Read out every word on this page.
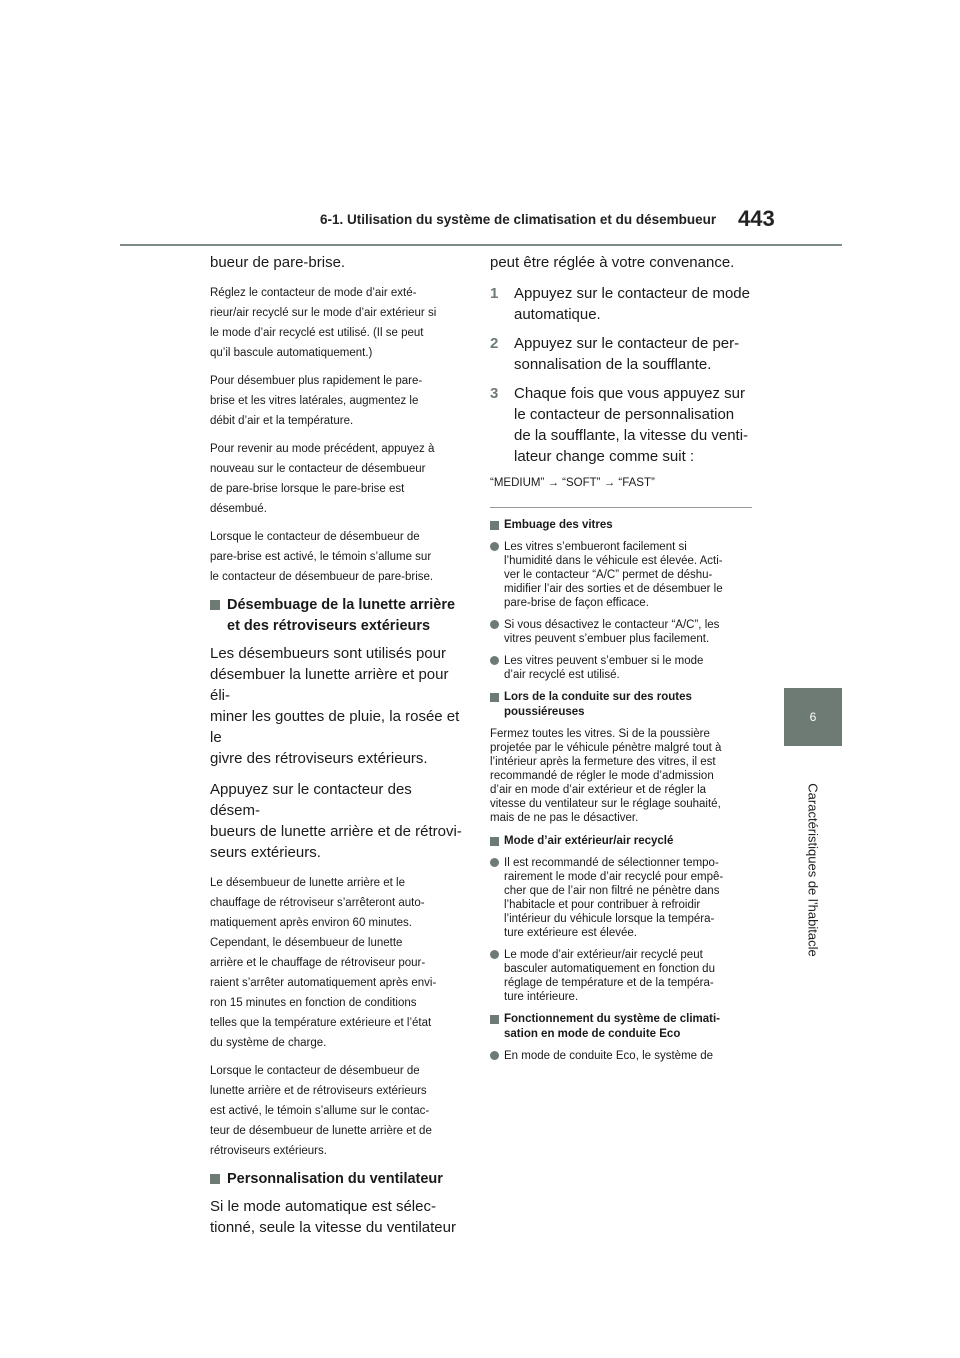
6-1. Utilisation du système de climatisation et du désembueur 443
6
Caractéristiques de l’habitacle

bueur de pare-brise.

Réglez le contacteur de mode d’air exté-
rieur/air recyclé sur le mode d’air extérieur si
le mode d’air recyclé est utilisé. (Il se peut
qu’il bascule automatiquement.)

Pour désembuer plus rapidement le pare-
brise et les vitres latérales, augmentez le
débit d’air et la température.

Pour revenir au mode précédent, appuyez à
nouveau sur le contacteur de désembueur
de pare-brise lorsque le pare-brise est
désembué.

Lorsque le contacteur de désembueur de
pare-brise est activé, le témoin s’allume sur
le contacteur de désembueur de pare-brise.

Désembuage de la lunette arrière
et des rétroviseurs extérieurs

Les désembueurs sont utilisés pour
désembuer la lunette arrière et pour éli-
miner les gouttes de pluie, la rosée et le
givre des rétroviseurs extérieurs.

Appuyez sur le contacteur des désem-
bueurs de lunette arrière et de rétrovi-
seurs extérieurs.

Le désembueur de lunette arrière et le
chauffage de rétroviseur s’arrêteront auto-
matiquement après environ 60 minutes.
Cependant, le désembueur de lunette
arrière et le chauffage de rétroviseur pour-
raient s’arrêter automatiquement après envi-
ron 15 minutes en fonction de conditions
telles que la température extérieure et l’état
du système de charge.

Lorsque le contacteur de désembueur de
lunette arrière et de rétroviseurs extérieurs
est activé, le témoin s’allume sur le contac-
teur de désembueur de lunette arrière et de
rétroviseurs extérieurs.

Personnalisation du ventilateur

Si le mode automatique est sélec-
tionné, seule la vitesse du ventilateur

peut être réglée à votre convenance.

1 Appuyez sur le contacteur de mode
automatique.
2 Appuyez sur le contacteur de per-
sonnalisation de la soufflante.
3 Chaque fois que vous appuyez sur
le contacteur de personnalisation
de la soufflante, la vitesse du venti-
lateur change comme suit :

“MEDIUM” → “SOFT” → “FAST”

Embuage des vitres
Les vitres s’embueront facilement si
l’humidité dans le véhicule est élevée. Acti-
ver le contacteur “A/C” permet de déshu-
midifier l’air des sorties et de désembuer le
pare-brise de façon efficace.
Si vous désactivez le contacteur “A/C”, les
vitres peuvent s’embuer plus facilement.
Les vitres peuvent s’embuer si le mode
d’air recyclé est utilisé.
Lors de la conduite sur des routes
poussiéreuses

Fermez toutes les vitres. Si de la poussière
projetée par le véhicule pénètre malgré tout à
l’intérieur après la fermeture des vitres, il est
recommandé de régler le mode d’admission
d’air en mode d’air extérieur et de régler la
vitesse du ventilateur sur le réglage souhaité,
mais de ne pas le désactiver.

Mode d’air extérieur/air recyclé
Il est recommandé de sélectionner tempo-
rairement le mode d’air recyclé pour empê-
cher que de l’air non filtré ne pénètre dans
l’habitacle et pour contribuer à refroidir
l’intérieur du véhicule lorsque la tempéra-
ture extérieure est élevée.
Le mode d’air extérieur/air recyclé peut
basculer automatiquement en fonction du
réglage de température et de la tempéra-
ture intérieure.
Fonctionnement du système de climati-
sation en mode de conduite Eco
En mode de conduite Eco, le système de
